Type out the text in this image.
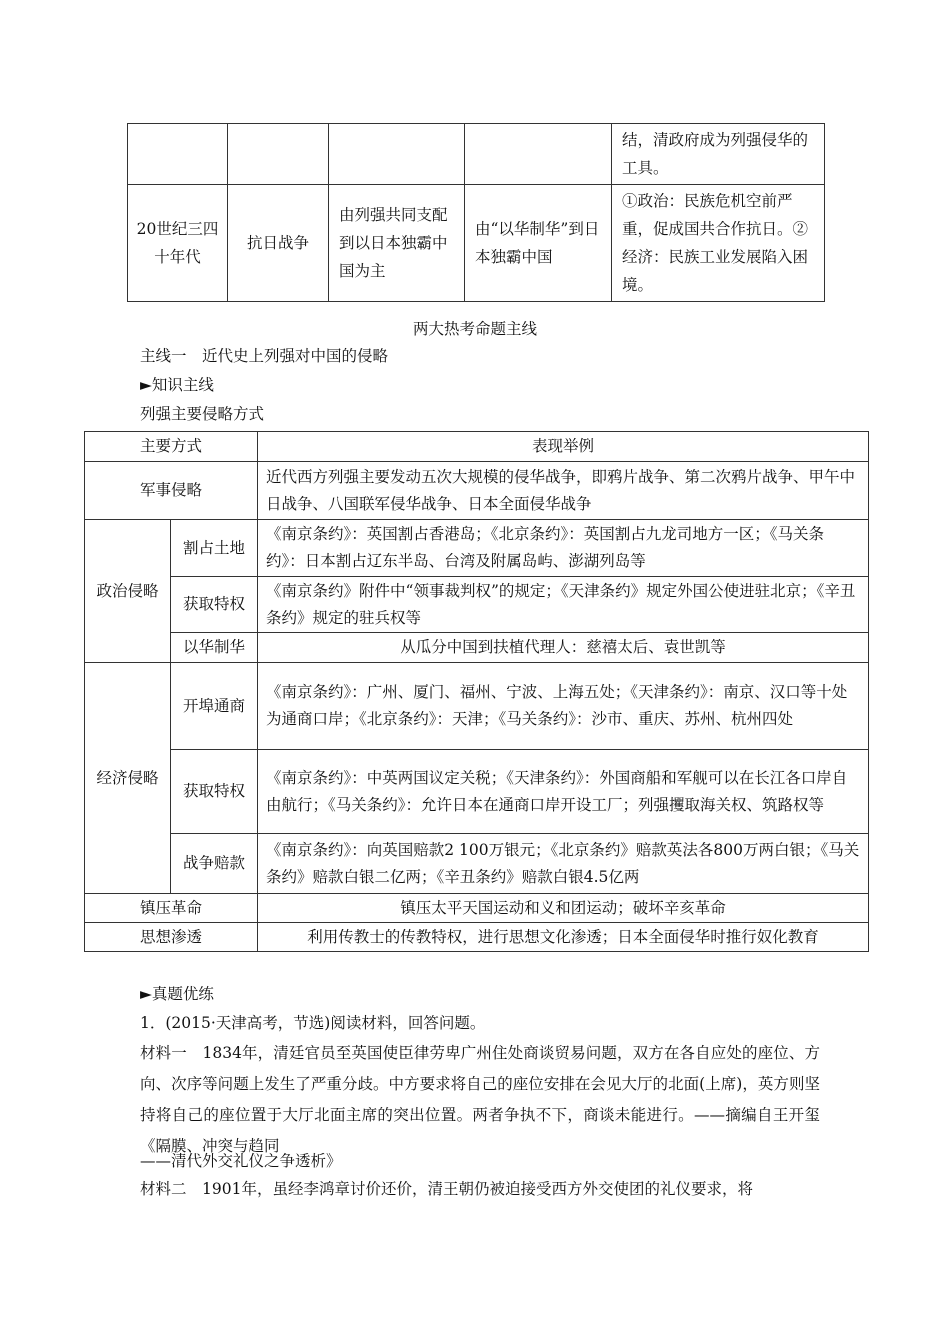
				结，清政府成为列强侵华的工具。
20世纪三四十年代	抗日战争	由列强共同支配到以日本独霸中国为主	由“以华制华”到日本独霸中国	①政治：民族危机空前严重，促成国共合作抗日。②经济：民族工业发展陷入困境。
两大热考命题主线
主线一　近代史上列强对中国的侵略
►知识主线
列强主要侵略方式
主要方式		表现举例
军事侵略		近代西方列强主要发动五次大规模的侵华战争，即鸦片战争、第二次鸦片战争、甲午中日战争、八国联军侵华战争、日本全面侵华战争
政治侵略	割占土地	《南京条约》：英国割占香港岛；《北京条约》：英国割占九龙司地方一区；《马关条约》：日本割占辽东半岛、台湾及附属岛屿、澎湖列岛等
	获取特权	《南京条约》附件中“领事裁判权”的规定；《天津条约》规定外国公使进驻北京；《辛丑条约》规定的驻兵权等
	以华制华	从瓜分中国到扶植代理人：慈禧太后、袁世凯等
经济侵略	开埠通商	《南京条约》：广州、厦门、福州、宁波、上海五处；《天津条约》：南京、汉口等十处为通商口岸；《北京条约》：天津；《马关条约》：沙市、重庆、苏州、杭州四处
	获取特权	《南京条约》：中英两国议定关税；《天津条约》：外国商船和军舰可以在长江各口岸自由航行；《马关条约》：允许日本在通商口岸开设工厂；列强攫取海关权、筑路权等
	战争赔款	《南京条约》：向英国赔款2 100万银元；《北京条约》赔款英法各800万两白银；《马关条约》赔款白银二亿两；《辛丑条约》赔款白银4.5亿两
镇压革命		镇压太平天国运动和义和团运动；破坏辛亥革命
思想渗透		利用传教士的传教特权，进行思想文化渗透；日本全面侵华时推行奴化教育
►真题优练
1．(2015·天津高考，节选)阅读材料，回答问题。
材料一　1834年，清廷官员至英国使臣律劳卑广州住处商谈贸易问题，双方在各自应处的座位、方向、次序等问题上发生了严重分歧。中方要求将自己的座位安排在会见大厅的北面(上席)，英方则坚持将自己的座位置于大厅北面主席的突出位置。两者争执不下，商谈未能进行。——摘编自王开玺《隔膜、冲突与趋同
——清代外交礼仪之争透析》
材料二　1901年，虽经李鸿章讨价还价，清王朝仍被迫接受西方外交使团的礼仪要求，将
